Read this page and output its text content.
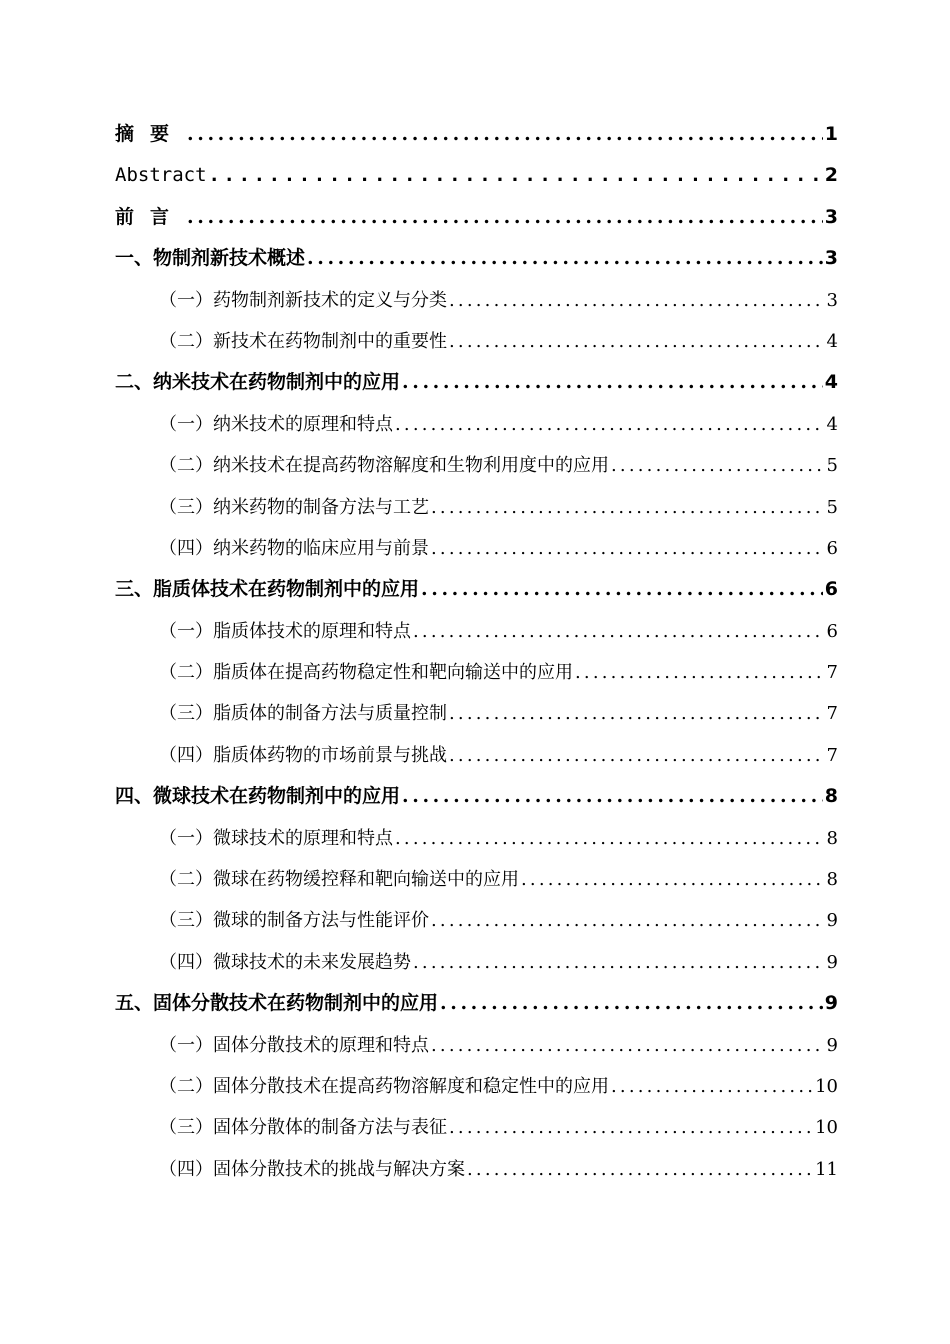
摘要 .....	1
Abstract .....	2
前言 .....	3
一、物制剂新技术概述 .....	3
（一）药物制剂新技术的定义与分类 .....	3
（二）新技术在药物制剂中的重要性 .....	4
二、纳米技术在药物制剂中的应用 .....	4
（一）纳米技术的原理和特点 .....	4
（二）纳米技术在提高药物溶解度和生物利用度中的应用 .....	5
（三）纳米药物的制备方法与工艺 .....	5
（四）纳米药物的临床应用与前景 .....	6
三、脂质体技术在药物制剂中的应用 .....	6
（一）脂质体技术的原理和特点 .....	6
（二）脂质体在提高药物稳定性和靶向输送中的应用 .....	7
（三）脂质体的制备方法与质量控制 .....	7
（四）脂质体药物的市场前景与挑战 .....	7
四、微球技术在药物制剂中的应用 .....	8
（一）微球技术的原理和特点 .....	8
（二）微球在药物缓控释和靶向输送中的应用 .....	8
（三）微球的制备方法与性能评价 .....	9
（四）微球技术的未来发展趋势 .....	9
五、固体分散技术在药物制剂中的应用 .....	9
（一）固体分散技术的原理和特点 .....	9
（二）固体分散技术在提高药物溶解度和稳定性中的应用 .....	10
（三）固体分散体的制备方法与表征 .....	10
（四）固体分散技术的挑战与解决方案 .....	11
